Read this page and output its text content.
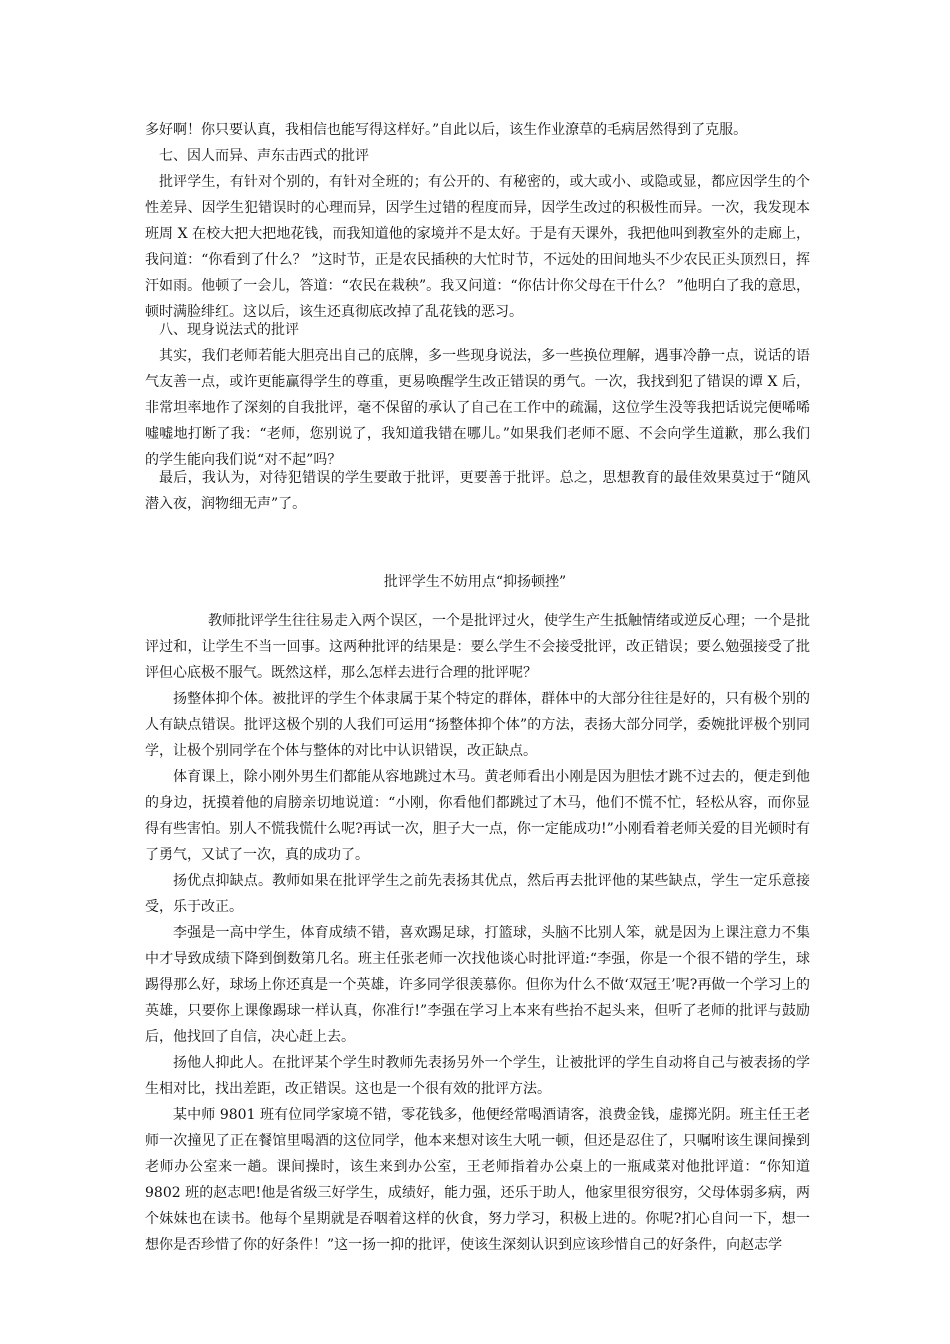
多好啊！你只要认真，我相信也能写得这样好。”自此以后，该生作业潦草的毛病居然得到了克服。

七、因人而异、声东击西式的批评

批评学生，有针对个别的，有针对全班的；有公开的、有秘密的，或大或小、或隐或显，都应因学生的个性差异、因学生犯错误时的心理而异，因学生过错的程度而异，因学生改过的积极性而异。一次，我发现本班周 X 在校大把大把地花钱，而我知道他的家境并不是太好。于是有天课外，我把他叫到教室外的走廊上，我问道：“你看到了什么？ ”这时节，正是农民插秧的大忙时节，不远处的田间地头不少农民正头顶烈日，挥汗如雨。他顿了一会儿，答道：“农民在栽秧”。我又问道：“你估计你父母在干什么？ ”他明白了我的意思，顿时满脸绯红。这以后，该生还真彻底改掉了乱花钱的恶习。

八、现身说法式的批评

其实，我们老师若能大胆亮出自己的底牌，多一些现身说法，多一些换位理解，遇事冷静一点，说话的语气友善一点，或许更能赢得学生的尊重，更易唤醒学生改正错误的勇气。一次，我找到犯了错误的谭 X 后，非常坦率地作了深刻的自我批评，毫不保留的承认了自己在工作中的疏漏，这位学生没等我把话说完便唏唏嘘嘘地打断了我：“老师，您别说了，我知道我错在哪儿。”如果我们老师不愿、不会向学生道歉，那么我们的学生能向我们说“对不起”吗？

最后，我认为，对待犯错误的学生要敢于批评，更要善于批评。总之，思想教育的最佳效果莫过于“随风潜入夜，润物细无声”了。

批评学生不妨用点“抑扬顿挫”

教师批评学生往往易走入两个误区，一个是批评过火，使学生产生抵触情绪或逆反心理；一个是批评过和，让学生不当一回事。这两种批评的结果是：要么学生不会接受批评，改正错误；要么勉强接受了批评但心底极不服气。既然这样，那么怎样去进行合理的批评呢？

扬整体抑个体。被批评的学生个体隶属于某个特定的群体，群体中的大部分往往是好的，只有极个别的人有缺点错误。批评这极个别的人我们可运用“扬整体抑个体”的方法，表扬大部分同学，委婉批评极个别同学，让极个别同学在个体与整体的对比中认识错误，改正缺点。

体育课上，除小刚外男生们都能从容地跳过木马。黄老师看出小刚是因为胆怯才跳不过去的，便走到他的身边，抚摸着他的肩膀亲切地说道：“小刚，你看他们都跳过了木马，他们不慌不忙，轻松从容，而你显得有些害怕。别人不慌我慌什么呢?再试一次，胆子大一点，你一定能成功!”小刚看着老师关爱的目光顿时有了勇气，又试了一次，真的成功了。

扬优点抑缺点。教师如果在批评学生之前先表扬其优点，然后再去批评他的某些缺点，学生一定乐意接受，乐于改正。

李强是一高中学生，体育成绩不错，喜欢踢足球，打篮球，头脑不比别人笨，就是因为上课注意力不集中才导致成绩下降到倒数第几名。班主任张老师一次找他谈心时批评道:“李强，你是一个很不错的学生，球踢得那么好，球场上你还真是一个英雄，许多同学很羡慕你。但你为什么不做‘双冠王’呢?再做一个学习上的英雄，只要你上课像踢球一样认真，你准行!”李强在学习上本来有些抬不起头来，但听了老师的批评与鼓励后，他找回了自信，决心赶上去。

扬他人抑此人。在批评某个学生时教师先表扬另外一个学生，让被批评的学生自动将自己与被表扬的学生相对比，找出差距，改正错误。这也是一个很有效的批评方法。

某中师 9801 班有位同学家境不错，零花钱多，他便经常喝酒请客，浪费金钱，虚掷光阴。班主任王老师一次撞见了正在餐馆里喝酒的这位同学，他本来想对该生大吼一顿，但还是忍住了，只嘱咐该生课间操到老师办公室来一趟。课间操时，该生来到办公室，王老师指着办公桌上的一瓶咸菜对他批评道：“你知道 9802 班的赵志吧!他是省级三好学生，成绩好，能力强，还乐于助人，他家里很穷很穷，父母体弱多病，两个妹妹也在读书。他每个星期就是吞咽着这样的伙食，努力学习，积极上进的。你呢?扪心自问一下，想一想你是否珍惜了你的好条件！”这一扬一抑的批评，使该生深刻认识到应该珍惜自己的好条件，向赵志学
